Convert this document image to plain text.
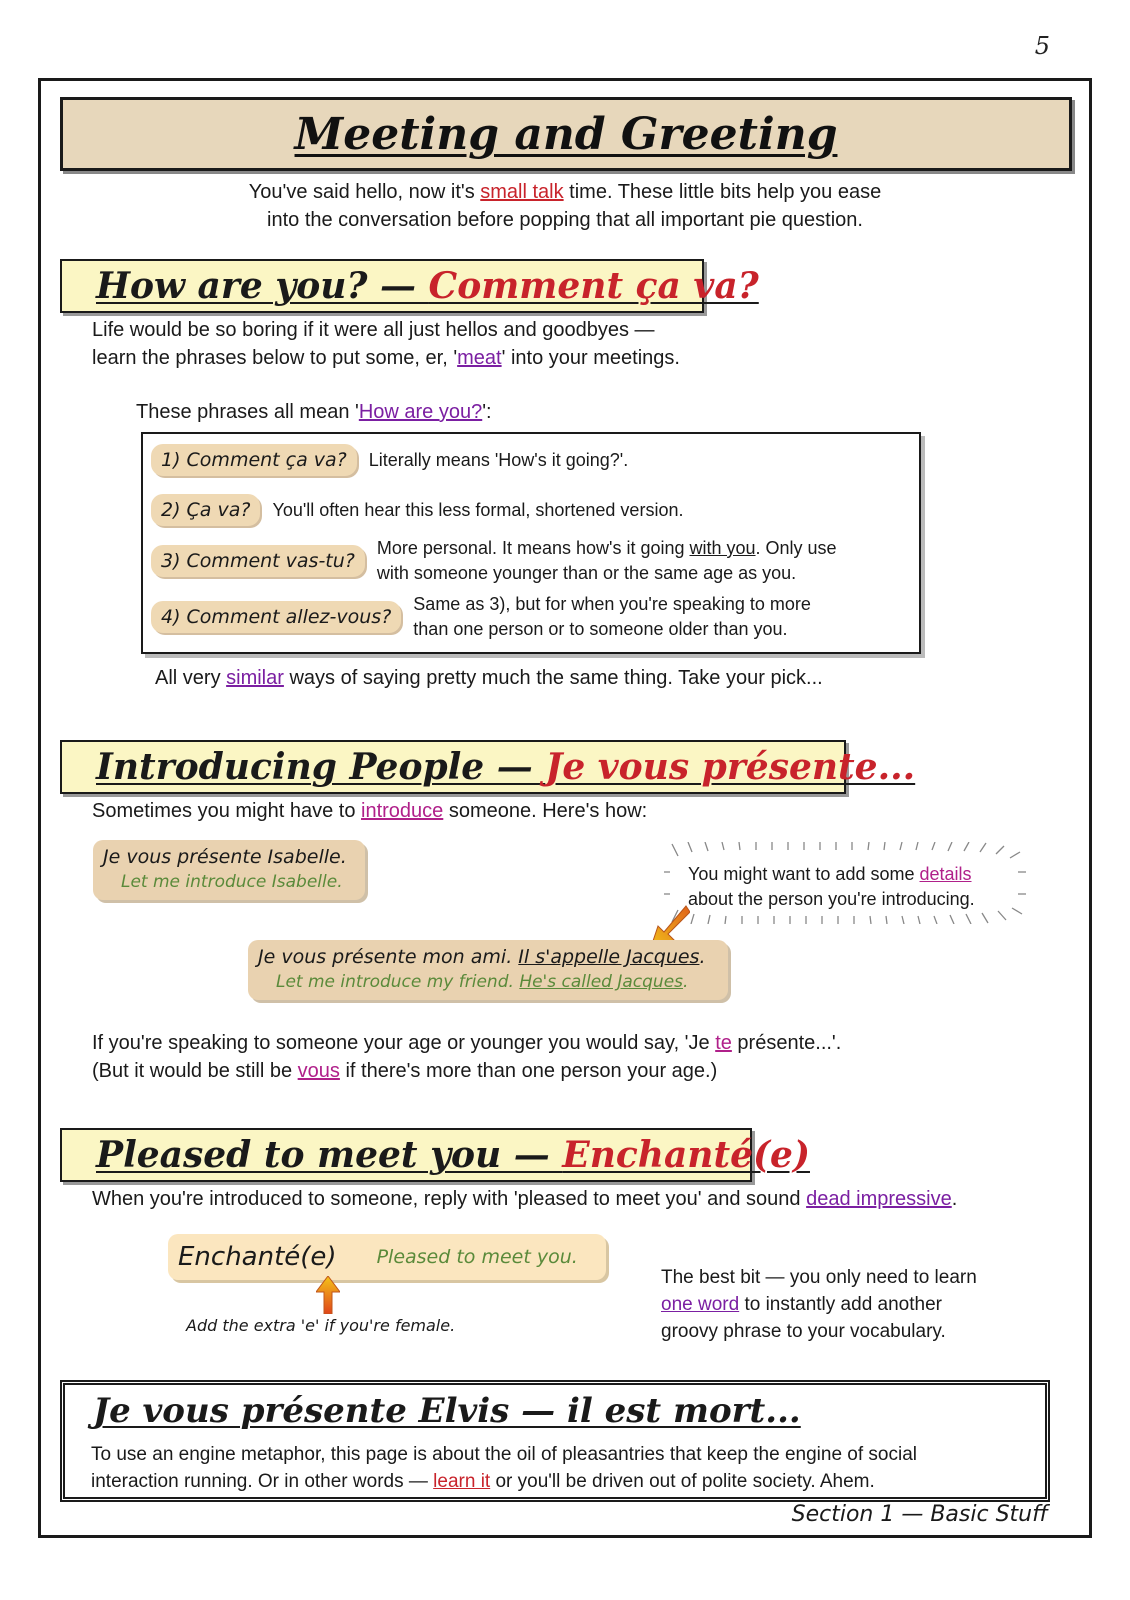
5
Meeting and Greeting
You've said hello, now it's small talk time. These little bits help you ease
into the conversation before popping that all important pie question.
How are you? — Comment ça va?
Life would be so boring if it were all just hellos and goodbyes —
learn the phrases below to put some, er, 'meat' into your meetings.
These phrases all mean 'How are you?':
1) Comment ça va?	Literally means 'How's it going?'.
2) Ça va?	You'll often hear this less formal, shortened version.
3) Comment vas-tu?
More personal. It means how's it going with you. Only use
with someone younger than or the same age as you.
4) Comment allez-vous?
Same as 3), but for when you're speaking to more
than one person or to someone older than you.
All very similar ways of saying pretty much the same thing. Take your pick...
Introducing People — Je vous présente...
Sometimes you might have to introduce someone. Here's how:
Je vous présente Isabelle.
Let me introduce Isabelle.	You might want to add some details
about the person you're introducing.
Je vous présente mon ami. Il s'appelle Jacques.
Let me introduce my friend. He's called Jacques.
If you're speaking to someone your age or younger you would say, 'Je te présente...'.
(But it would be still be vous if there's more than one person your age.)
Pleased to meet you — Enchanté(e)
When you're introduced to someone, reply with 'pleased to meet you' and sound dead impressive.
Enchanté(e) Pleased to meet you.
Add the extra 'e' if you're female.
The best bit — you only need to learn
one word to instantly add another
groovy phrase to your vocabulary.
Je vous présente Elvis — il est mort...

To use an engine metaphor, this page is about the oil of pleasantries that keep the engine of social
interaction running. Or in other words — learn it or you'll be driven out of polite society. Ahem.

Section 1 — Basic Stuff
